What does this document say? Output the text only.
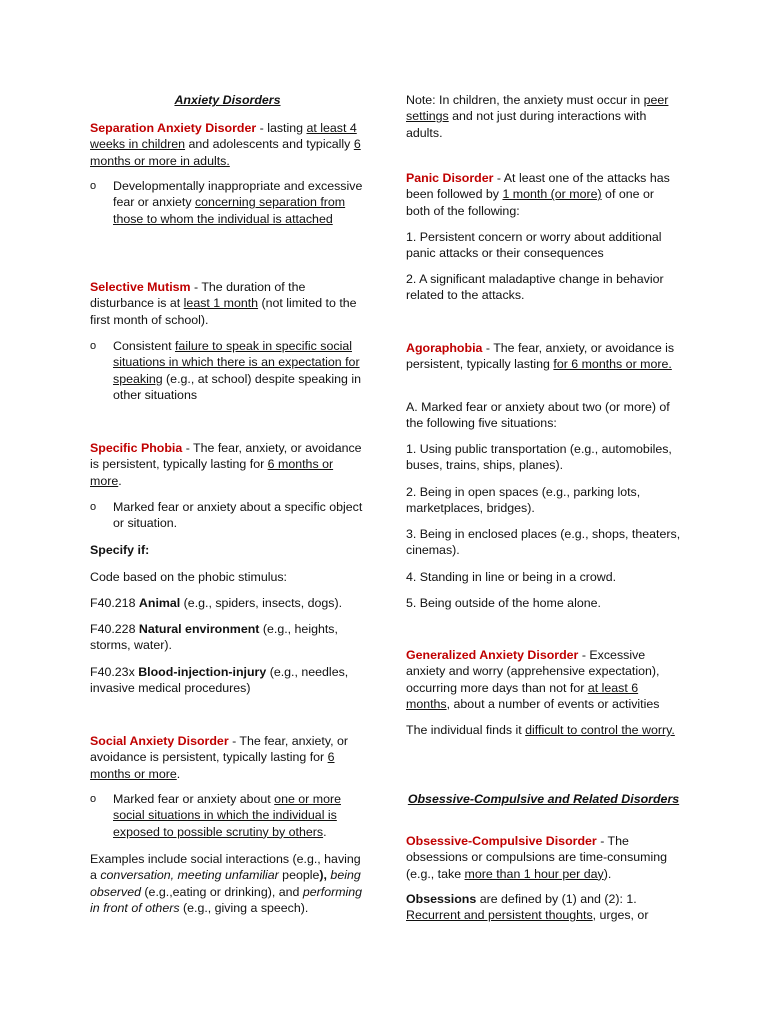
Anxiety Disorders

Separation Anxiety Disorder - lasting at least 4 weeks in children and adolescents and typically 6 months or more in adults.

o Developmentally inappropriate and excessive fear or anxiety concerning separation from those to whom the individual is attached

Selective Mutism - The duration of the disturbance is at least 1 month (not limited to the first month of school).

o Consistent failure to speak in specific social situations in which there is an expectation for speaking (e.g., at school) despite speaking in other situations

Specific Phobia - The fear, anxiety, or avoidance is persistent, typically lasting for 6 months or more.

o Marked fear or anxiety about a specific object or situation.

Specify if:

Code based on the phobic stimulus:

F40.218 Animal (e.g., spiders, insects, dogs).

F40.228 Natural environment (e.g., heights, storms, water).

F40.23x Blood-injection-injury (e.g., needles, invasive medical procedures)

Social Anxiety Disorder - The fear, anxiety, or avoidance is persistent, typically lasting for 6 months or more.

o Marked fear or anxiety about one or more social situations in which the individual is exposed to possible scrutiny by others.

Examples include social interactions (e.g., having a conversation, meeting unfamiliar people), being observed (e.g.,eating or drinking), and performing in front of others (e.g., giving a speech).

Note: In children, the anxiety must occur in peer settings and not just during interactions with adults.

Panic Disorder - At least one of the attacks has been followed by 1 month (or more) of one or both of the following:

1. Persistent concern or worry about additional panic attacks or their consequences

2. A significant maladaptive change in behavior related to the attacks.

Agoraphobia - The fear, anxiety, or avoidance is persistent, typically lasting for 6 months or more.

A. Marked fear or anxiety about two (or more) of the following five situations:

1. Using public transportation (e.g., automobiles, buses, trains, ships, planes).

2. Being in open spaces (e.g., parking lots, marketplaces, bridges).

3. Being in enclosed places (e.g., shops, theaters, cinemas).

4. Standing in line or being in a crowd.

5. Being outside of the home alone.

Generalized Anxiety Disorder - Excessive anxiety and worry (apprehensive expectation), occurring more days than not for at least 6 months, about a number of events or activities

The individual finds it difficult to control the worry.

Obsessive-Compulsive and Related Disorders

Obsessive-Compulsive Disorder - The obsessions or compulsions are time-consuming (e.g., take more than 1 hour per day).

Obsessions are defined by (1) and (2): 1. Recurrent and persistent thoughts, urges, or
